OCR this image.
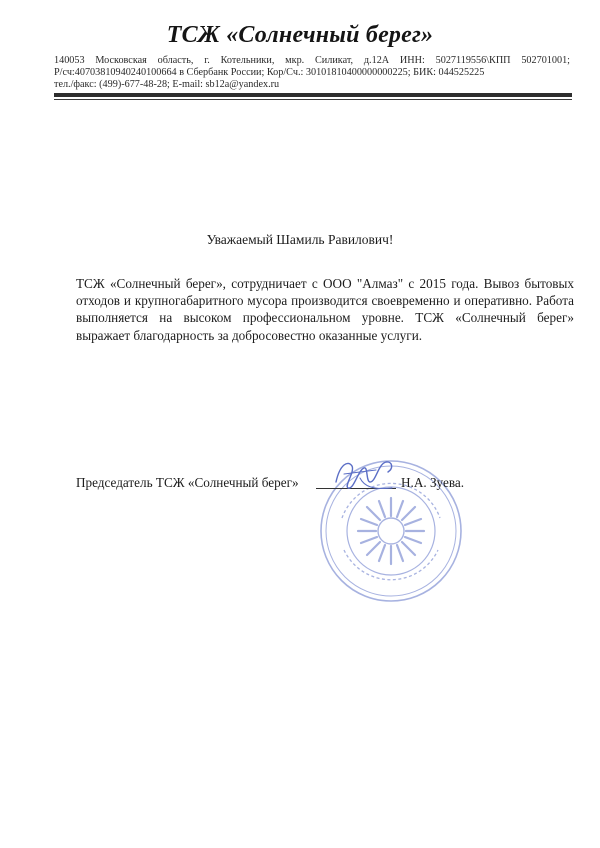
ТСЖ «Солнечный берег»
140053 Московская область, г. Котельники, мкр. Силикат, д.12А ИНН: 5027119556\КПП 502701001;
Р/сч:40703810940240100664 в Сбербанк России; Кор/Сч.: 30101810400000000225; БИК: 044525225
тел./факс: (499)-677-48-28; E-mail: sb12a@yandex.ru
Уважаемый Шамиль Равилович!
ТСЖ «Солнечный берег», сотрудничает с ООО "Алмаз" с 2015 года. Вывоз бытовых отходов и крупногабаритного мусора производится своевременно и оперативно. Работа выполняется на высоком профессиональном уровне. ТСЖ «Солнечный берег» выражает благодарность за добросовестно оказанные услуги.
Председатель ТСЖ «Солнечный берег»	Н.А. Зуева.
